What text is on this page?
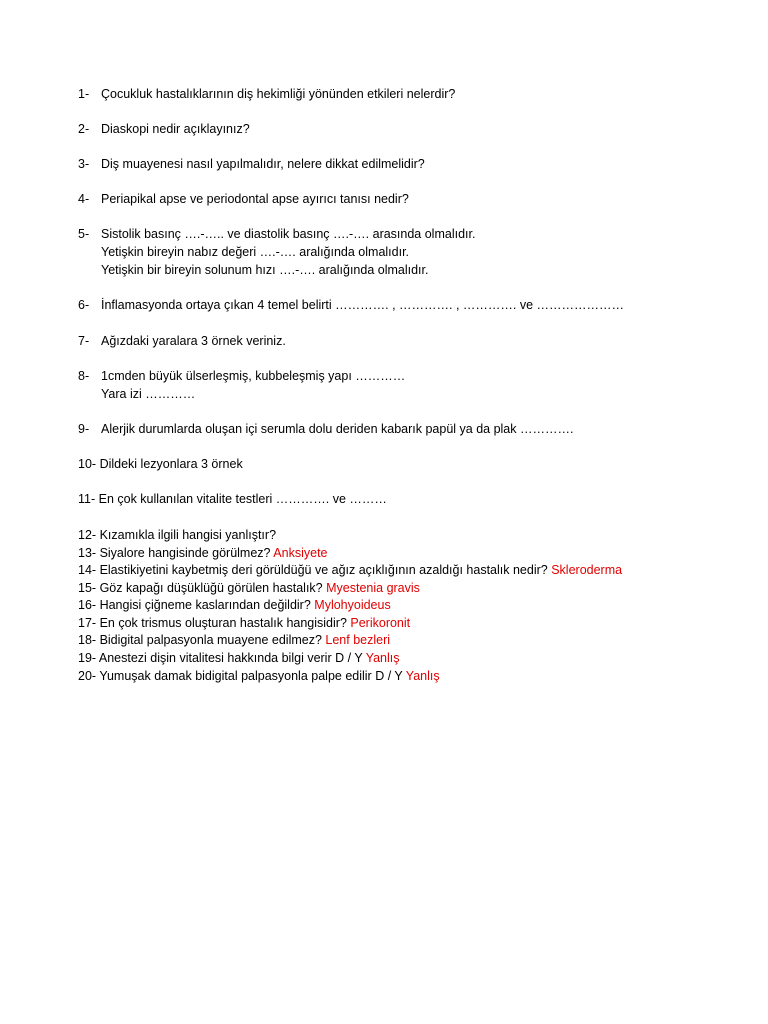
1- Çocukluk hastalıklarının diş hekimliği yönünden etkileri nelerdir?
2- Diaskopi nedir açıklayınız?
3- Diş muayenesi nasıl yapılmalıdır, nelere dikkat edilmelidir?
4- Periapikal apse ve periodontal apse ayırıcı tanısı nedir?
5- Sistolik basınç ….-….. ve diastolik basınç ….-…. arasında olmalıdır.
Yetişkin bireyin nabız değeri ….-…. aralığında olmalıdır.
Yetişkin bir bireyin solunum hızı ….-…. aralığında olmalıdır.
6- İnflamasyonda ortaya çıkan 4 temel belirti …………. , …………. , …………. ve …………………
7- Ağızdaki yaralara 3 örnek veriniz.
8- 1cmden büyük ülserleşmiş, kubbeleşmiş yapı …………
Yara izi …………
9- Alerjik durumlarda oluşan içi serumla dolu deriden kabarık papül ya da plak ………….
10- Dildeki lezyonlara 3 örnek
11- En çok kullanılan vitalite testleri …………. ve ………
12- Kızamıkla ilgili hangisi yanlıştır?
13- Siyalore hangisinde görülmez? Anksiyete
14- Elastikiyetini kaybetmiş deri görüldüğü ve ağız açıklığının azaldığı hastalık nedir? Skleroderma
15- Göz kapağı düşüklüğü görülen hastalık? Myestenia gravis
16- Hangisi çiğneme kaslarından değildir? Mylohyoideus
17- En çok trismus oluşturan hastalık hangisidir? Perikoronit
18- Bidigital palpasyonla muayene edilmez? Lenf bezleri
19- Anestezi dişin vitalitesi hakkında bilgi verir D / Y Yanlış
20- Yumuşak damak bidigital palpasyonla palpe edilir D / Y Yanlış
